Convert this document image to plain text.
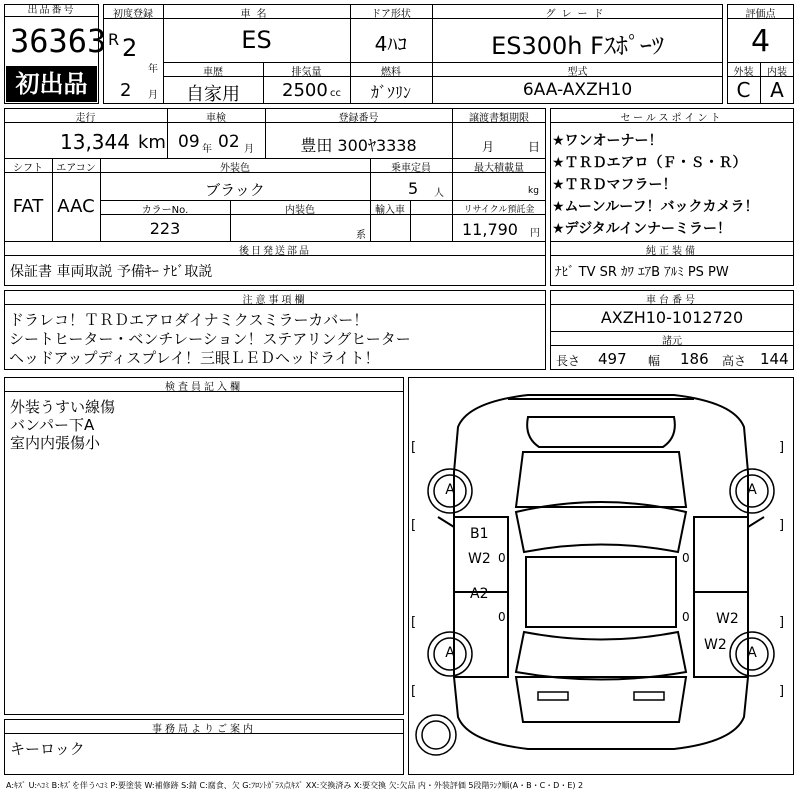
出品番号
36363
初出品
初度登録
R 2
年
2 月
車名
ES
ドア形状
4ﾊｺ
グレード
ES300h Fｽﾎﾟｰﾂ
車歴
自家用
排気量
2500 cc
燃料
ｶﾞｿﾘﾝ
型式
6AA-AXZH10
評価点
4
外装	内装
C A
走行
13,344 km
車検
09 年 02 月
登録番号
豊田 300ﾔ3338
譲渡書類期限
月	日
シフト
FAT
エアコン
AAC
外装色
ブラック
乗車定員
5 人
最大積載量
kg
カラーNo.
223
内装色
系
輸入車	リサイクル預託金
11,790 円
後日発送部品
保証書 車両取説 予備ｷｰ ﾅﾋﾞ取説
セールスポイント
★ワンオーナー！
★ＴＲＤエアロ（Ｆ・Ｓ・Ｒ）
★ＴＲＤマフラー！
★ムーンルーフ！バックカメラ！
★デジタルインナーミラー！
純正装備
ﾅﾋﾞ TV SR ｶﾜ ｴｱB ｱﾙﾐ PS PW
注意事項欄
ドラレコ！ＴＲＤエアロダイナミクスミラーカバー！
シートヒーター・ベンチレーション！ステアリングヒーター
ヘッドアップディスプレイ！三眼ＬＥＤヘッドライト！
車台番号
AXZH10-1012720
諸元
長さ 497 幅 186 高さ 144
検査員記入欄
外装うすい線傷
バンパー下A
室内内張傷小
事務局よりご案内
キーロック
[	]
[	]
[	]
[	]
A	A
A	A
B1
W2 0
A2
0
0
W2
0
W2
A:ｷｽﾞ U:ﾍｺﾐ B:ｷｽﾞを伴うﾍｺﾐ P:要塗装 W:補修跡 S:錆 C:腐食、欠 G:ﾌﾛﾝﾄｶﾞﾗｽ点ｷｽﾞ XX:交換済み X:要交換 欠:欠品 内・外装評価 5段階ﾗﾝｸ順(A・B・C・D・E) 2
